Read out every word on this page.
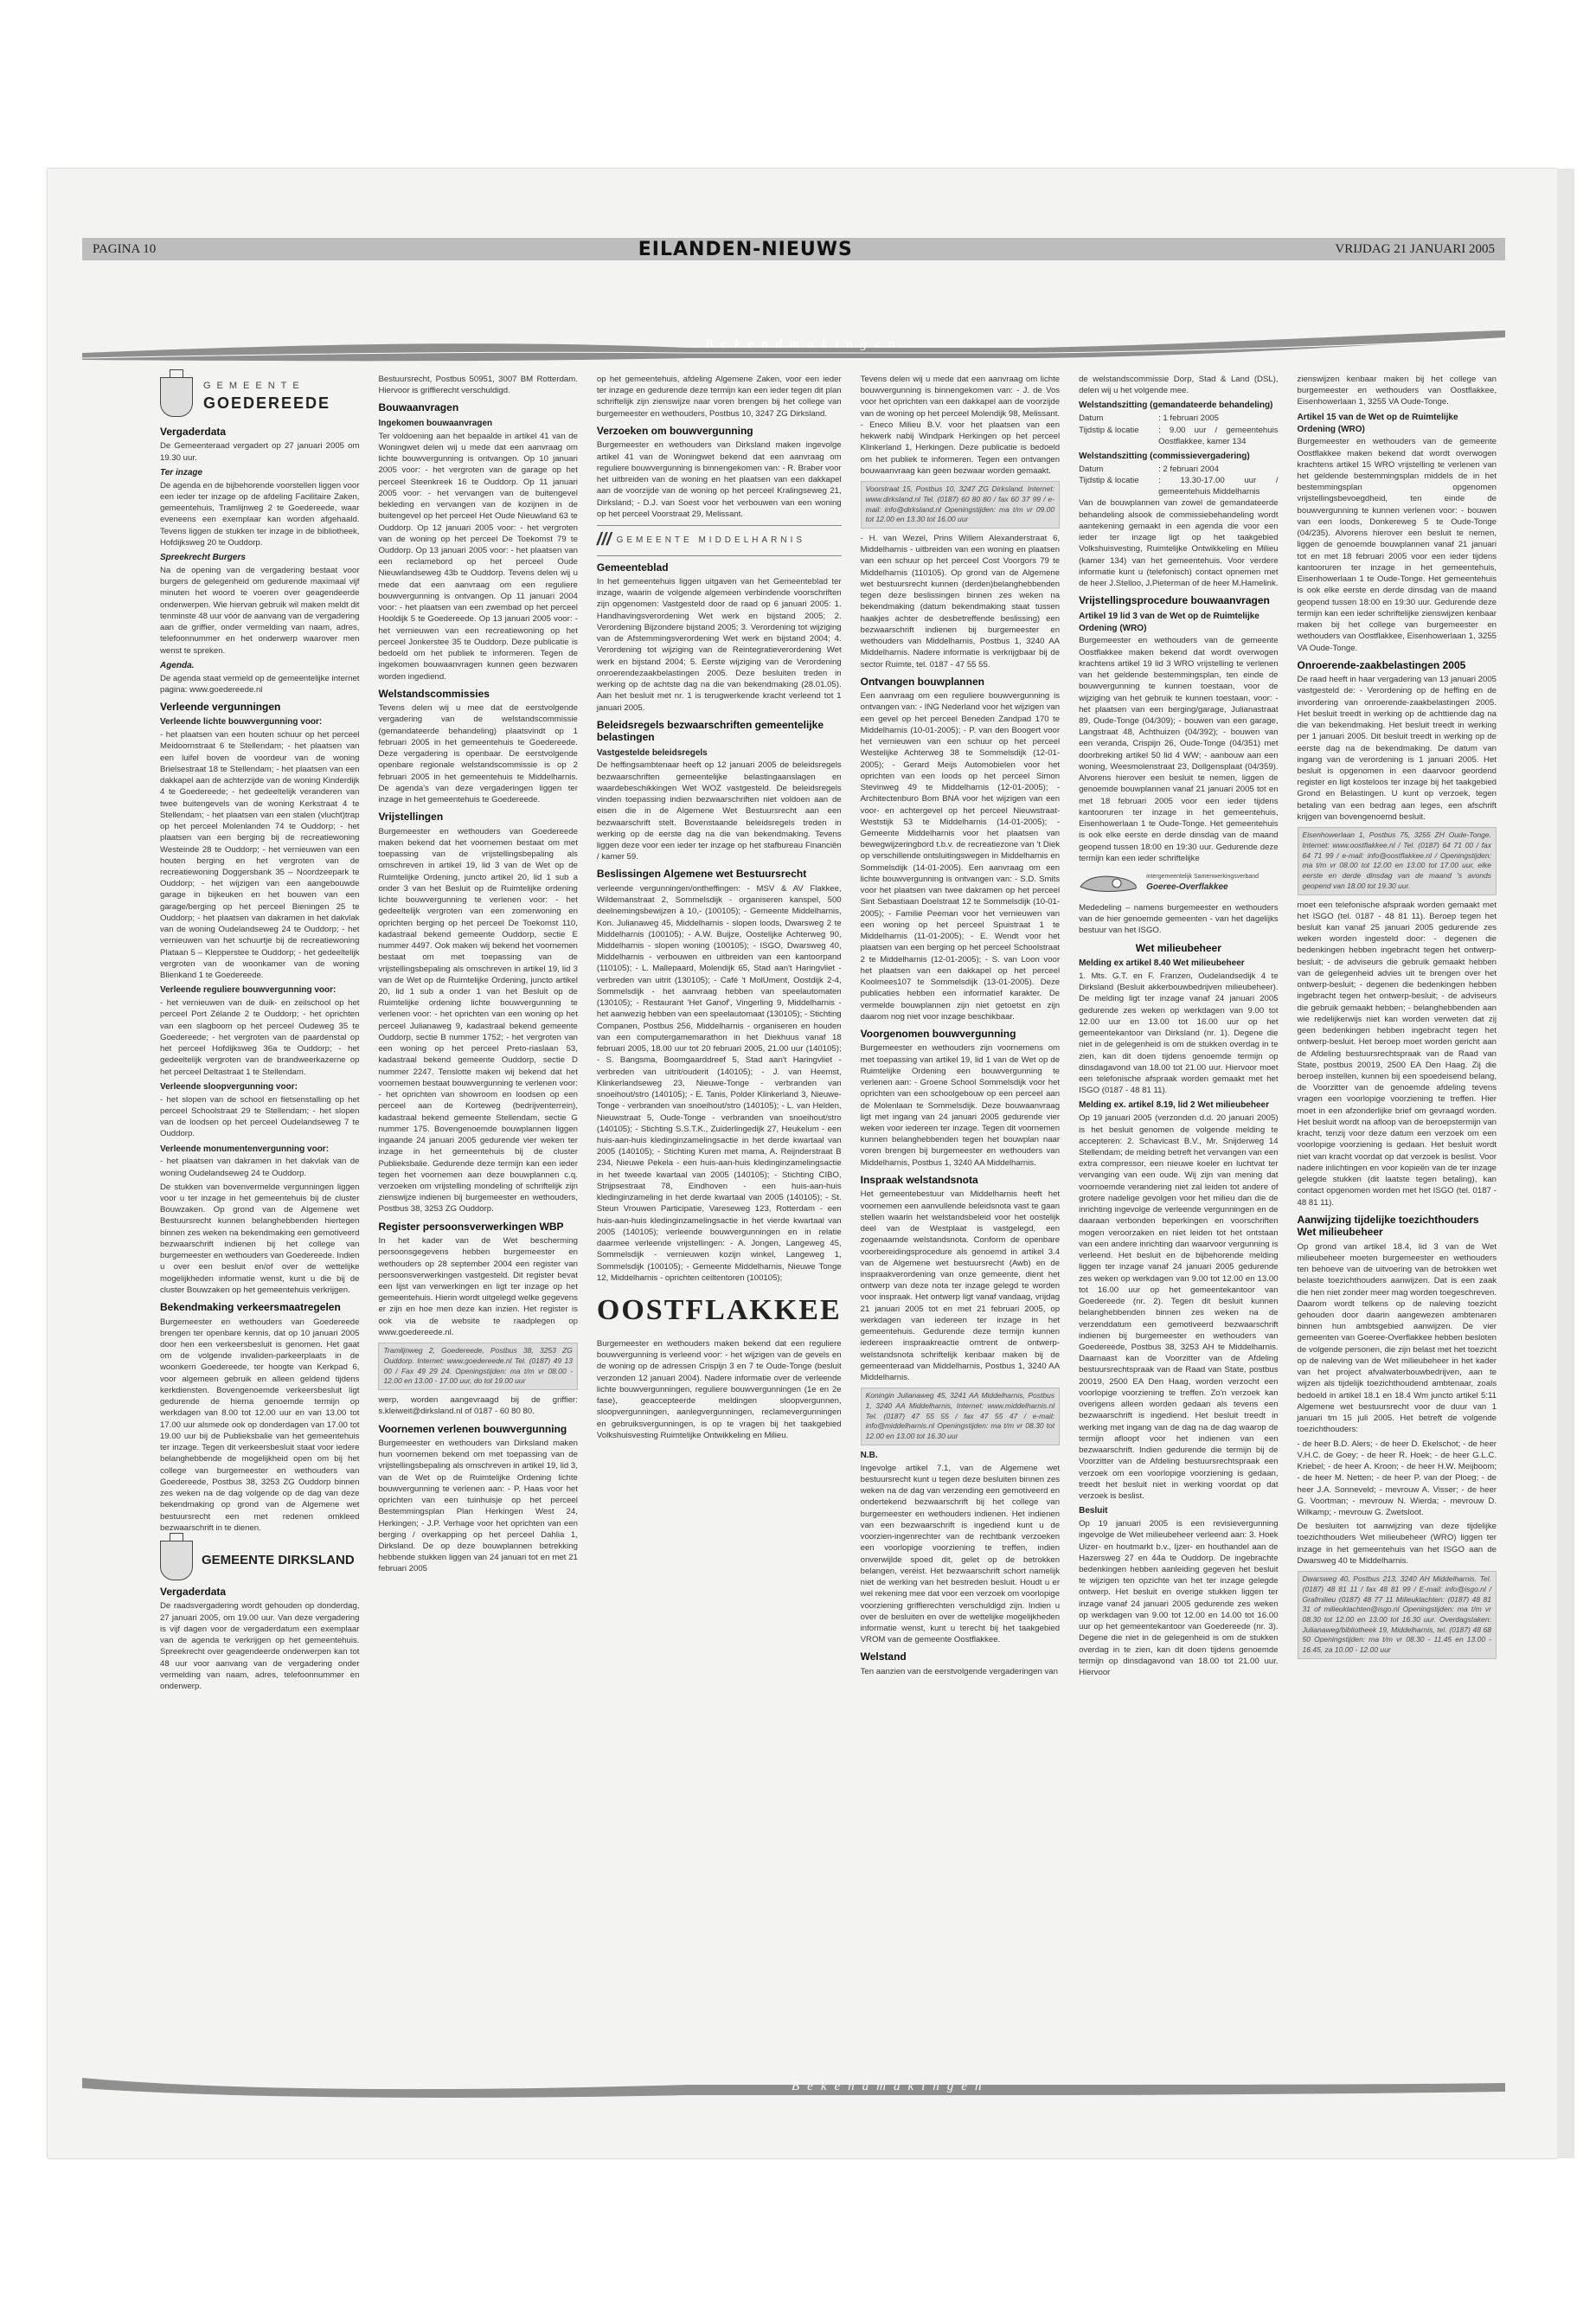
PAGINA 10	EILANDEN-NIEUWS	VRIJDAG 21 JANUARI 2005
Bekendmakingen
GEMEENTE
GOEDEREEDE
Vergaderdata

De Gemeenteraad vergadert op 27 januari 2005 om 19.30 uur.

Ter inzage

De agenda en de bijbehorende voorstellen liggen voor een ieder ter inzage op de afdeling Facilitaire Zaken, gemeentehuis, Tramlijnweg 2 te Goedereede, waar eveneens een exemplaar kan worden afgehaald. Tevens liggen de stukken ter inzage in de bibliotheek, Hofdijksweg 20 te Ouddorp.

Spreekrecht Burgers

Na de opening van de vergadering bestaat voor burgers de gelegenheid om gedurende maximaal vijf minuten het woord te voeren over geagendeerde onderwerpen. Wie hiervan gebruik wil maken meldt dit tenminste 48 uur vóór de aanvang van de vergadering aan de griffier, onder vermelding van naam, adres, telefoonnummer en het onderwerp waarover men wenst te spreken.

Agenda.

De agenda staat vermeld op de gemeentelijke internet pagina: www.goedereede.nl

Verleende vergunningen
Verleende lichte bouwvergunning voor:

- het plaatsen van een houten schuur op het perceel Meidoornstraat 6 te Stellendam; - het plaatsen van een luifel boven de voordeur van de woning Brielsestraat 18 te Stellendam; - het plaatsen van een dakkapel aan de achterzijde van de woning Kinderdijk 4 te Goedereede; - het gedeeltelijk veranderen van twee buitengevels van de woning Kerkstraat 4 te Stellendam; - het plaatsen van een stalen (vlucht)trap op het perceel Molenlanden 74 te Ouddorp; - het plaatsen van een berging bij de recreatiewoning Westeinde 28 te Ouddorp; - het vernieuwen van een houten berging en het vergroten van de recreatiewoning Doggersbank 35 – Noordzeepark te Ouddorp; - het wijzigen van een aangebouwde garage in bijkeuken en het bouwen van een garage/berging op het perceel Bieningen 25 te Ouddorp; - het plaatsen van dakramen in het dakvlak van de woning Oudelandseweg 24 te Ouddorp; - het vernieuwen van het schuurtje bij de recreatiewoning Plataan 5 – Klepperstee te Ouddorp; - het gedeeltelijk vergroten van de woonkamer van de woning Blienkand 1 te Goedereede.

Verleende reguliere bouwvergunning voor:

- het vernieuwen van de duik- en zeilschool op het perceel Port Zélande 2 te Ouddorp; - het oprichten van een slagboom op het perceel Oudeweg 35 te Goedereede; - het vergroten van de paardenstal op het perceel Hofdijksweg 36a te Ouddorp; - het gedeeltelijk vergroten van de brandweerkazerne op het perceel Deltastraat 1 te Stellendam.

Verleende sloopvergunning voor:

- het slopen van de school en fietsenstalling op het perceel Schoolstraat 29 te Stellendam; - het slopen van de loodsen op het perceel Oudelandseweg 7 te Ouddorp.

Verleende monumentenvergunning voor:

- het plaatsen van dakramen in het dakvlak van de woning Oudelandseweg 24 te Ouddorp.

De stukken van bovenvermelde vergunningen liggen voor u ter inzage in het gemeentehuis bij de cluster Bouwzaken. Op grond van de Algemene wet Bestuursrecht kunnen belanghebbenden hiertegen binnen zes weken na bekendmaking een gemotiveerd bezwaarschrift indienen bij het college van burgemeester en wethouders van Goedereede. Indien u over een besluit en/of over de wettelijke mogelijkheden informatie wenst, kunt u die bij de cluster Bouwzaken op het gemeentehuis verkrijgen.

Bekendmaking verkeersmaatregelen

Burgemeester en wethouders van Goedereede brengen ter openbare kennis, dat op 10 januari 2005 door hen een verkeersbesluit is genomen. Het gaat om de volgende invaliden-parkeerplaats in de woonkern Goedereede, ter hoogte van Kerkpad 6, voor algemeen gebruik en alleen geldend tijdens kerkdiensten. Bovengenoemde verkeersbesluit ligt gedurende de hierna genoemde termijn op werkdagen van 8.00 tot 12.00 uur en van 13.00 tot 17.00 uur alsmede ook op donderdagen van 17.00 tot 19.00 uur bij de Publieksbalie van het gemeentehuis ter inzage. Tegen dit verkeersbesluit staat voor iedere belanghebbende de mogelijkheid open om bij het college van burgemeester en wethouders van Goedereede, Postbus 38, 3253 ZG Ouddorp binnen zes weken na de dag volgende op de dag van deze bekendmaking op grond van de Algemene wet bestuursrecht een met redenen omkleed bezwaarschrift in te dienen.

GEMEENTE DIRKSLAND
Vergaderdata

De raadsvergadering wordt gehouden op donderdag, 27 januari 2005, om 19.00 uur. Van deze vergadering is vijf dagen voor de vergaderdatum een exemplaar van de agenda te verkrijgen op het gemeentehuis. Spreekrecht over geagendeerde onderwerpen kan tot 48 uur voor aanvang van de vergadering onder vermelding van naam, adres, telefoonnummer en onderwerp.

Bestuursrecht, Postbus 50951, 3007 BM Rotterdam. Hiervoor is griffierecht verschuldigd.

Bouwaanvragen
Ingekomen bouwaanvragen

Ter voldoening aan het bepaalde in artikel 41 van de Woningwet delen wij u mede dat een aanvraag om lichte bouwvergunning is ontvangen. Op 10 januari 2005 voor: - het vergroten van de garage op het perceel Steenkreek 16 te Ouddorp. Op 11 januari 2005 voor: - het vervangen van de buitengevel bekleding en vervangen van de kozijnen in de buitengevel op het perceel Het Oude Nieuwland 63 te Ouddorp. Op 12 januari 2005 voor: - het vergroten van de woning op het perceel De Toekomst 79 te Ouddorp. Op 13 januari 2005 voor: - het plaatsen van een reclamebord op het perceel Oude Nieuwlandseweg 43b te Ouddorp. Tevens delen wij u mede dat een aanvraag om een reguliere bouwvergunning is ontvangen. Op 11 januari 2004 voor: - het plaatsen van een zwembad op het perceel Hooldijk 5 te Goedereede. Op 13 januari 2005 voor: - het vernieuwen van een recreatiewoning op het perceel Jonkerstee 35 te Ouddorp. Deze publicatie is bedoeld om het publiek te informeren. Tegen de ingekomen bouwaanvragen kunnen geen bezwaren worden ingediend.

Welstandscommissies

Tevens delen wij u mee dat de eerstvolgende vergadering van de welstandscommissie (gemandateerde behandeling) plaatsvindt op 1 februari 2005 in het gemeentehuis te Goedereede. Deze vergadering is openbaar. De eerstvolgende openbare regionale welstandscommissie is op 2 februari 2005 in het gemeentehuis te Middelharnis. De agenda's van deze vergaderingen liggen ter inzage in het gemeentehuis te Goedereede.

Vrijstellingen

Burgemeester en wethouders van Goedereede maken bekend dat het voornemen bestaat om met toepassing van de vrijstellingsbepaling als omschreven in artikel 19, lid 3 van de Wet op de Ruimtelijke Ordening, juncto artikel 20, lid 1 sub a onder 3 van het Besluit op de Ruimtelijke ordening lichte bouwvergunning te verlenen voor: - het gedeeltelijk vergroten van een zomerwoning en oprichten berging op het perceel De Toekomst 110, kadastraal bekend gemeente Ouddorp, sectie E nummer 4497. Ook maken wij bekend het voornemen bestaat om met toepassing van de vrijstellingsbepaling als omschreven in artikel 19, lid 3 van de Wet op de Ruimtelijke Ordening, juncto artikel 20, lid 1 sub a onder 1 van het Besluit op de Ruimtelijke ordening lichte bouwvergunning te verlenen voor: - het oprichten van een woning op het perceel Julianaweg 9, kadastraal bekend gemeente Ouddorp, sectie B nummer 1752; - het vergroten van een woning op het perceel Preto-riaslaan 53, kadastraal bekend gemeente Ouddorp, sectie D nummer 2247. Tenslotte maken wij bekend dat het voornemen bestaat bouwvergunning te verlenen voor: - het oprichten van showroom en loodsen op een perceel aan de Korteweg (bedrijventerrein), kadastraal bekend gemeente Stellendam, sectie G nummer 175. Bovengenoemde bouwplannen liggen ingaande 24 januari 2005 gedurende vier weken ter inzage in het gemeentehuis bij de cluster Publieksbalie. Gedurende deze termijn kan een ieder tegen het voornemen aan deze bouwplannen c.q. verzoeken om vrijstelling mondeling of schriftelijk zijn zienswijze indienen bij burgemeester en wethouders, Postbus 38, 3253 ZG Ouddorp.

Register persoonsverwerkingen WBP

In het kader van de Wet bescherming persoonsgegevens hebben burgemeester en wethouders op 28 september 2004 een register van persoonsverwerkingen vastgesteld. Dit register bevat een lijst van verwerkingen en ligt ter inzage op het gemeentehuis. Hierin wordt uitgelegd welke gegevens er zijn en hoe men deze kan inzien. Het register is ook via de website te raadplegen op www.goedereede.nl.

Tramlijnweg 2, Goedereede, Postbus 38, 3253 ZG Ouddorp. Internet: www.goedereede.nl Tel. (0187) 49 13 00 / Fax 49 29 24. Openingstijden: ma t/m vr 08.00 - 12.00 en 13.00 - 17.00 uur, do tot 19.00 uur

werp, worden aangevraagd bij de griffier: s.kleiweit@dirksland.nl of 0187 - 60 80 80.

Voornemen verlenen bouwvergunning

Burgemeester en wethouders van Dirksland maken hun voornemen bekend om met toepassing van de vrijstellingsbepaling als omschreven in artikel 19, lid 3, van de Wet op de Ruimtelijke Ordening lichte bouwvergunning te verlenen aan: - P. Haas voor het oprichten van een tuinhuisje op het perceel Bestemmingsplan Plan Herkingen West 24, Herkingen; - J.P. Verhage voor het oprichten van een berging / overkapping op het perceel Dahlia 1, Dirksland. De op deze bouwplannen betrekking hebbende stukken liggen van 24 januari tot en met 21 februari 2005

op het gemeentehuis, afdeling Algemene Zaken, voor een ieder ter inzage en gedurende deze termijn kan een ieder tegen dit plan schriftelijk zijn zienswijze naar voren brengen bij het college van burgemeester en wethouders, Postbus 10, 3247 ZG Dirksland.

Verzoeken om bouwvergunning

Burgemeester en wethouders van Dirksland maken ingevolge artikel 41 van de Woningwet bekend dat een aanvraag om reguliere bouwvergunning is binnengekomen van: - R. Braber voor het uitbreiden van de woning en het plaatsen van een dakkapel aan de voorzijde van de woning op het perceel Kralingseweg 21, Dirksland; - D.J. van Soest voor het verbouwen van een woning op het perceel Voorstraat 29, Melissant.

/// GEMEENTE MIDDELHARNIS
Gemeenteblad

In het gemeentehuis liggen uitgaven van het Gemeenteblad ter inzage, waarin de volgende algemeen verbindende voorschriften zijn opgenomen: Vastgesteld door de raad op 6 januari 2005: 1. Handhavingsverordening Wet werk en bijstand 2005; 2. Verordening Bijzondere bijstand 2005; 3. Verordening tot wijziging van de Afstemmingsverordening Wet werk en bijstand 2004; 4. Verordening tot wijziging van de Reintegratieverordening Wet werk en bijstand 2004; 5. Eerste wijziging van de Verordening onroerendezaakbelastingen 2005. Deze besluiten treden in werking op de achtste dag na die van bekendmaking (28.01.05). Aan het besluit met nr. 1 is terugwerkende kracht verleend tot 1 januari 2005.

Beleidsregels bezwaarschriften gemeentelijke belastingen
Vastgestelde beleidsregels

De heffingsambtenaar heeft op 12 januari 2005 de beleidsregels bezwaarschriften gemeentelijke belastingaanslagen en waardebeschikkingen Wet WOZ vastgesteld. De beleidsregels vinden toepassing indien bezwaarschriften niet voldoen aan de eisen die in de Algemene Wet Bestuursrecht aan een bezwaarschrift stelt. Bovenstaande beleidsregels treden in werking op de eerste dag na die van bekendmaking. Tevens liggen deze voor een ieder ter inzage op het stafbureau Financiën / kamer 59.

Beslissingen Algemene wet Bestuursrecht

verleende vergunningen/ontheffingen: - MSV & AV Flakkee, Wildemanstraat 2, Sommelsdijk - organiseren kanspel, 500 deelnemingsbewijzen à 10,- (100105); - Gemeente Middelharnis, Kon. Julianaweg 45, Middelharnis - slopen loods, Dwarsweg 2 te Middelharnis (100105); - A.W. Buijze, Oostelijke Achterweg 90, Middelharnis - slopen woning (100105); - ISGO, Dwarsweg 40, Middelharnis - verbouwen en uitbreiden van een kantoorpand (110105); - L. Mallepaard, Molendijk 65, Stad aan't Haringvliet - verbreden van uitrit (130105); - Café 't MolUment, Oostdijk 2-4, Sommelsdijk - het aanvraag hebben van speelautomaten (130105); - Restaurant 'Het Ganof', Vingerling 9, Middelharnis - het aanwezig hebben van een speelautomaat (130105); - Stichting Companen, Postbus 256, Middelharnis - organiseren en houden van een computergamemarathon in het Diekhuus vanaf 18 februari 2005, 18.00 uur tot 20 februari 2005, 21.00 uur (140105); - S. Bangsma, Boomgaarddreef 5, Stad aan't Haringvliet - verbreden van uitrit/ouderit (140105); - J. van Heemst, Klinkerlandseweg 23, Nieuwe-Tonge - verbranden van snoeihout/stro (140105); - E. Tanis, Polder Klinkerland 3, Nieuwe-Tonge - verbranden van snoeihout/stro (140105); - L. van Helden, Nieuwstraat 5, Oude-Tonge - verbranden van snoeihout/stro (140105); - Stichting S.S.T.K., Zuiderlingedijk 27, Heukelum - een huis-aan-huis kledinginzamelingsactie in het derde kwartaal van 2005 (140105); - Stichting Kuren met mama, A. Reijnderstraat B 234, Nieuwe Pekela - een huis-aan-huis kledinginzamelingsactie in het tweede kwartaal van 2005 (140105); - Stichting CIBO, Strijpsestraat 78, Eindhoven - een huis-aan-huis kledinginzameling in het derde kwartaal van 2005 (140105); - St. Steun Vrouwen Participatie, Vareseweg 123, Rotterdam - een huis-aan-huis kledinginzamelingsactie in het vierde kwartaal van 2005 (140105); verleende bouwvergunningen en in relatie daarmee verleende vrijstellingen: - A. Jongen, Langeweg 45, Sommelsdijk - vernieuwen kozijn winkel, Langeweg 1, Sommelsdijk (100105); - Gemeente Middelharnis, Nieuwe Tonge 12, Middelharnis - oprichten ceiltentoren (100105);

OOSTFLAKKEE

Burgemeester en wethouders maken bekend dat een reguliere bouwvergunning is verleend voor: - het wijzigen van de gevels en de woning op de adressen Crispijn 3 en 7 te Oude-Tonge (besluit verzonden 12 januari 2004). Nadere informatie over de verleende lichte bouwvergunningen, reguliere bouwvergunningen (1e en 2e fase), geaccepteerde meldingen sloopvergunnen, sloopvergunningen, aanlegvergunningen, reclamevergunningen en gebruiksvergunningen, is op te vragen bij het taakgebied Volkshuisvesting Ruimtelijke Ontwikkeling en Milieu.

Tevens delen wij u mede dat een aanvraag om lichte bouwvergunning is binnengekomen van: - J. de Vos voor het oprichten van een dakkapel aan de voorzijde van de woning op het perceel Molendijk 98, Melissant. - Eneco Milieu B.V. voor het plaatsen van een hekwerk nabij Windpark Herkingen op het perceel Klinkerland 1, Herkingen. Deze publicatie is bedoeld om het publiek te informeren. Tegen een ontvangen bouwaanvraag kan geen bezwaar worden gemaakt.

Voorstraat 15, Postbus 10, 3247 ZG Dirksland. Internet: www.dirksland.nl Tel. (0187) 60 80 80 / fax 60 37 99 / e-mail: info@dirksland.nl Openingstijden: ma t/m vr 09.00 tot 12.00 en 13.30 tot 16.00 uur

- H. van Wezel, Prins Willem Alexanderstraat 6, Middelharnis - uitbreiden van een woning en plaatsen van een schuur op het perceel Cost Voorgors 79 te Middelharnis (110105). Op grond van de Algemene wet bestuursrecht kunnen (derden)belanghebbenden tegen deze beslissingen binnen zes weken na bekendmaking (datum bekendmaking staat tussen haakjes achter de desbetreffende beslissing) een bezwaarschrift indienen bij burgemeester en wethouders van Middelharnis, Postbus 1, 3240 AA Middelharnis. Nadere informatie is verkrijgbaar bij de sector Ruimte, tel. 0187 - 47 55 55.

Ontvangen bouwplannen

Een aanvraag om een reguliere bouwvergunning is ontvangen van: - ING Nederland voor het wijzigen van een gevel op het perceel Beneden Zandpad 170 te Middelharnis (10-01-2005); - P. van den Boogert voor het vernieuwen van een schuur op het perceel Westelijke Achterweg 38 te Sommelsdijk (12-01-2005); - Gerard Meijs Automobielen voor het oprichten van een loods op het perceel Simon Stevinweg 49 te Middelharnis (12-01-2005); - Architectenburo Bom BNA voor het wijzigen van een voor- en achtergevel op het perceel Nieuwstraat-Weststijk 53 te Middelharnis (14-01-2005); - Gemeente Middelharnis voor het plaatsen van bewegwijzeringbord t.b.v. de recreatiezone van 't Diek op verschillende ontsluitingswegen in Middelharnis en Sommelsdijk (14-01-2005). Een aanvraag om een lichte bouwvergunning is ontvangen van: - S.D. Smits voor het plaatsen van twee dakramen op het perceel Sint Sebastiaan Doelstraat 12 te Sommelsdijk (10-01-2005); - Familie Peeman voor het vernieuwen van een woning op het perceel Spuistraat 1 te Middelharnis (11-01-2005); - E. Wendt voor het plaatsen van een berging op het perceel Schoolstraat 2 te Middelharnis (12-01-2005); - S. van Loon voor het plaatsen van een dakkapel op het perceel Koolmees107 te Sommelsdijk (13-01-2005). Deze publicaties hebben een informatief karakter. De vermelde bouwplannen zijn niet getoetst en zijn daarom nog niet voor inzage beschikbaar.

Voorgenomen bouwvergunning

Burgemeester en wethouders zijn voornemens om met toepassing van artikel 19, lid 1 van de Wet op de Ruimtelijke Ordening een bouwvergunning te verlenen aan: - Groene School Sommelsdijk voor het oprichten van een schoolgebouw op een perceel aan de Molenlaan te Sommelsdijk. Deze bouwaanvraag ligt met ingang van 24 januari 2005 gedurende vier weken voor iedereen ter inzage. Tegen dit voornemen kunnen belanghebbenden tegen het bouwplan naar voren brengen bij burgemeester en wethouders van Middelharnis, Postbus 1, 3240 AA Middelharnis.

Inspraak welstandsnota

Het gemeentebestuur van Middelharnis heeft het voornemen een aanvullende beleidsnota vast te gaan stellen waarin het welstandsbeleid voor het oostelijk deel van de Westplaat is vastgelegd, een zogenaamde welstandsnota. Conform de openbare voorbereidingsprocedure als genoemd in artikel 3.4 van de Algemene wet bestuursrecht (Awb) en de inspraakverordening van onze gemeente, dient het ontwerp van deze nota ter inzage gelegd te worden voor inspraak. Het ontwerp ligt vanaf vandaag, vrijdag 21 januari 2005 tot en met 21 februari 2005, op werkdagen van iedereen ter inzage in het gemeentehuis. Gedurende deze termijn kunnen iedereen inspraakreactie omtrent de ontwerp-welstandsnota schriftelijk kenbaar maken bij de gemeenteraad van Middelharnis, Postbus 1, 3240 AA Middelharnis.

Koningin Julianaweg 45, 3241 AA Middelharnis, Postbus 1, 3240 AA Middelharnis, Internet: www.middelharnis.nl Tel. (0187) 47 55 55 / fax 47 55 47 / e-mail: info@middelharnis.nl Openingstijden: ma t/m vr 08.30 tot 12.00 en 13.00 tot 16.30 uur
N.B.

Ingevolge artikel 7.1, van de Algemene wet bestuursrecht kunt u tegen deze besluiten binnen zes weken na de dag van verzending een gemotiveerd en ondertekend bezwaarschrift bij het college van burgemeester en wethouders indienen. Het indienen van een bezwaarschrift is ingediend kunt u de voorzien-ingenrechter van de rechtbank verzoeken een voorlopige voorziening te treffen, indien onverwijlde spoed dit, gelet op de betrokken belangen, vereist. Het bezwaarschrift schort namelijk niet de werking van het bestreden besluit. Houdt u er wel rekening mee dat voor een verzoek om voorlopige voorziening griffierechten verschuldigd zijn. Indien u over de besluiten en over de wettelijke mogelijkheden informatie wenst, kunt u terecht bij het taakgebied VROM van de gemeente Oostflakkee.

Welstand

Ten aanzien van de eerstvolgende vergaderingen van

de welstandscommissie Dorp, Stad & Land (DSL), delen wij u het volgende mee.

Welstandszitting (gemandateerde behandeling)
Datum	: 1 februari 2005
Tijdstip & locatie	: 9.00 uur / gemeentehuis Oostflakkee, kamer 134
Welstandszitting (commissievergadering)
Datum	: 2 februari 2004
Tijdstip & locatie	: 13.30-17.00 uur / gemeentehuis Middelharnis

Van de bouwplannen van zowel de gemandateerde behandeling alsook de commissiebehandeling wordt aantekening gemaakt in een agenda die voor een ieder ter inzage ligt op het taakgebied Volkshuisvesting, Ruimtelijke Ontwikkeling en Milieu (kamer 134) van het gemeentehuis. Voor verdere informatie kunt u (telefonisch) contact opnemen met de heer J.Stelloo, J.Pieterman of de heer M.Hamelink.

Vrijstellingsprocedure bouwaanvragen
Artikel 19 lid 3 van de Wet op de Ruimtelijke Ordening (WRO)

Burgemeester en wethouders van de gemeente Oostflakkee maken bekend dat wordt overwogen krachtens artikel 19 lid 3 WRO vrijstelling te verlenen van het geldende bestemmingsplan, ten einde de bouwvergunning te kunnen toestaan, voor de wijziging van het gebruik te kunnen toestaan, voor: - het plaatsen van een berging/garage, Julianastraat 89, Oude-Tonge (04/309); - bouwen van een garage, Langstraat 48, Achthuizen (04/392); - bouwen van een veranda, Crispijn 26, Oude-Tonge (04/351) met doorbreking artikel 50 lid 4 WW; - aanbouw aan een woning, Weesmolenstraat 23, Dollgensplaat (04/359). Alvorens hierover een besluit te nemen, liggen de genoemde bouwplannen vanaf 21 januari 2005 tot en met 18 februari 2005 voor een ieder tijdens kantooruren ter inzage in het gemeentehuis, Eisenhowerlaan 1 te Oude-Tonge. Het gemeentehuis is ook elke eerste en derde dinsdag van de maand geopend tussen 18:00 en 19:30 uur. Gedurende deze termijn kan een ieder schriftelijke

intergemeentelijk Samenwerkingsverband
Goeree-Overflakkee

Mededeling – namens burgemeester en wethouders van de hier genoemde gemeenten - van het dagelijks bestuur van het ISGO.

Wet milieubeheer
Melding ex artikel 8.40 Wet milieubeheer

1. Mts. G.T. en F. Franzen, Oudelandsedijk 4 te Dirksland (Besluit akkerbouwbedrijven milieubeheer). De melding ligt ter inzage vanaf 24 januari 2005 gedurende zes weken op werkdagen van 9.00 tot 12.00 uur en 13.00 tot 16.00 uur op het gemeentekantoor van Dirksland (nr. 1). Degene die niet in de gelegenheid is om de stukken overdag in te zien, kan dit doen tijdens genoemde termijn op dinsdagavond van 18.00 tot 21.00 uur. Hiervoor moet een telefonische afspraak worden gemaakt met het ISGO (0187 - 48 81 11).

Melding ex. artikel 8.19, lid 2 Wet milieubeheer

Op 19 januari 2005 (verzonden d.d. 20 januari 2005) is het besluit genomen de volgende melding te accepteren: 2. Schavicast B.V., Mr. Snijderweg 14 Stellendam; de melding betreft het vervangen van een extra compressor, een nieuwe koeler en luchtvat ter vervanging van een oude. Wij zijn van mening dat voornoemde verandering niet zal leiden tot andere of grotere nadelige gevolgen voor het milieu dan die de inrichting ingevolge de verleende vergunningen en de daaraan verbonden beperkingen en voorschriften mogen veroorzaken en niet leiden tot het ontstaan van een andere inrichting dan waarvoor vergunning is verleend. Het besluit en de bijbehorende melding liggen ter inzage vanaf 24 januari 2005 gedurende zes weken op werkdagen van 9.00 tot 12.00 en 13.00 tot 16.00 uur op het gemeentekantoor van Goedereede (nr. 2). Tegen dit besluit kunnen belanghebbenden binnen zes weken na de verzenddatum een gemotiveerd bezwaarschrift indienen bij burgemeester en wethouders van Goedereede, Postbus 38, 3253 AH te Middelharnis. Daarnaast kan de Voorzitter van de Afdeling bestuursrechtspraak van de Raad van State, postbus 20019, 2500 EA Den Haag, worden verzocht een voorlopige voorziening te treffen. Zo'n verzoek kan overigens alleen worden gedaan als tevens een bezwaarschrift is ingediend. Het besluit treedt in werking met ingang van de dag na de dag waarop de termijn afloopt voor het indienen van een bezwaarschrift. Indien gedurende die termijn bij de Voorzitter van de Afdeling bestuursrechtspraak een verzoek om een voorlopige voorziening is gedaan, treedt het besluit niet in werking voordat op dat verzoek is beslist.

Besluit

Op 19 januari 2005 is een revisievergunning ingevolge de Wet milieubeheer verleend aan: 3. Hoek Uizer- en houtmarkt b.v., Ijzer- en houthandel aan de Hazersweg 27 en 44a te Ouddorp. De ingebrachte bedenkingen hebben aanleiding gegeven het besluit te wijzigen ten opzichte van het ter inzage gelegde ontwerp. Het besluit en overige stukken liggen ter inzage vanaf 24 januari 2005 gedurende zes weken op werkdagen van 9.00 tot 12.00 en 14.00 tot 16.00 uur op het gemeentekantoor van Goedereede (nr. 3). Degene die niet in de gelegenheid is om de stukken overdag in te zien, kan dit doen tijdens genoemde termijn op dinsdagavond van 18.00 tot 21.00 uur. Hiervoor

zienswijzen kenbaar maken bij het college van burgemeester en wethouders van Oostflakkee, Eisenhowerlaan 1, 3255 VA Oude-Tonge.

Artikel 15 van de Wet op de Ruimtelijke Ordening (WRO)

Burgemeester en wethouders van de gemeente Oostflakkee maken bekend dat wordt overwogen krachtens artikel 15 WRO vrijstelling te verlenen van het geldende bestemmingsplan middels de in het bestemmingsplan opgenomen vrijstellingsbevoegdheid, ten einde de bouwvergunning te kunnen verlenen voor: - bouwen van een loods, Donkereweg 5 te Oude-Tonge (04/235). Alvorens hierover een besluit te nemen, liggen de genoemde bouwplannen vanaf 21 januari tot en met 18 februari 2005 voor een ieder tijdens kantooruren ter inzage in het gemeentehuis, Eisenhowerlaan 1 te Oude-Tonge. Het gemeentehuis is ook elke eerste en derde dinsdag van de maand geopend tussen 18:00 en 19:30 uur. Gedurende deze termijn kan een ieder schriftelijke zienswijzen kenbaar maken bij het college van burgemeester en wethouders van Oostflakkee, Eisenhowerlaan 1, 3255 VA Oude-Tonge.

Onroerende-zaakbelastingen 2005

De raad heeft in haar vergadering van 13 januari 2005 vastgesteld de: - Verordening op de heffing en de invordering van onroerende-zaakbelastingen 2005. Het besluit treedt in werking op de achttiende dag na die van bekendmaking. Het besluit treedt in werking per 1 januari 2005. Dit besluit treedt in werking op de eerste dag na de bekendmaking. De datum van ingang van de verordening is 1 januari 2005. Het besluit is opgenomen in een daarvoor geordend register en ligt kosteloos ter inzage bij het taakgebied Grond en Belastingen. U kunt op verzoek, tegen betaling van een bedrag aan leges, een afschrift krijgen van bovengenoemd besluit.

Eisenhowerlaan 1, Postbus 75, 3255 ZH Oude-Tonge. Internet: www.oostflakkee.nl / Tel. (0187) 64 71 00 / fax 64 71 99 / e-mail: info@oostflakkee.nl / Openingstijden: ma t/m vr 08.00 tot 12.00 en 13.00 tot 17.00 uur, elke eerste en derde dinsdag van de maand 's avonds geopend van 18.00 tot 19.30 uur.

moet een telefonische afspraak worden gemaakt met het ISGO (tel. 0187 - 48 81 11). Beroep tegen het besluit kan vanaf 25 januari 2005 gedurende zes weken worden ingesteld door: - degenen die bedenkingen hebben ingebracht tegen het ontwerp-besluit; - de adviseurs die gebruik gemaakt hebben van de gelegenheid advies uit te brengen over het ontwerp-besluit; - degenen die bedenkingen hebben ingebracht tegen het ontwerp-besluit; - de adviseurs die gebruik gemaakt hebben; - belanghebbenden aan wie redelijkerwijs niet kan worden verweten dat zij geen bedenkingen hebben ingebracht tegen het ontwerp-besluit. Het beroep moet worden gericht aan de Afdeling bestuursrechtspraak van de Raad van State, postbus 20019, 2500 EA Den Haag. Zij die beroep instellen, kunnen bij een spoedeisend belang, de Voorzitter van de genoemde afdeling tevens vragen een voorlopige voorziening te treffen. Hier moet in een afzonderlijke brief om gevraagd worden. Het besluit wordt na afloop van de beroepstermijn van kracht, tenzij voor deze datum een verzoek om een voorlopige voorziening is gedaan. Het besluit wordt niet van kracht voordat op dat verzoek is beslist. Voor nadere inlichtingen en voor kopieën van de ter inzage gelegde stukken (dit laatste tegen betaling), kan contact opgenomen worden met het ISGO (tel. 0187 - 48 81 11).

Aanwijzing tijdelijke toezichthouders Wet milieubeheer

Op grond van artikel 18.4, lid 3 van de Wet milieubeheer moeten burgemeester en wethouders ten behoeve van de uitvoering van de betrokken wet belaste toezichthouders aanwijzen. Dat is een zaak die hen niet zonder meer mag worden toegeschreven. Daarom wordt telkens op de naleving toezicht gehouden door daarin aangewezen ambtenaren binnen hun ambtsgebied aanwijzen. De vier gemeenten van Goeree-Overflakkee hebben besloten de volgende personen, die zijn belast met het toezicht op de naleving van de Wet milieubeheer in het kader van het project afvalwaterbouwbedrijven, aan te wijzen als tijdelijk toezichthoudend ambtenaar, zoals bedoeld in artikel 18.1 en 18.4 Wm juncto artikel 5:11 Algemene wet bestuursrecht voor de duur van 1 januari tm 15 juli 2005. Het betreft de volgende toezichthouders:

- de heer B.D. Alers; - de heer D. Ekelschot; - de heer V.H.C. de Goey; - de heer R. Hoek; - de heer G.L.C. Kriebel; - de heer A. Kroon; - de heer H.W. Meijboom; - de heer M. Netten; - de heer P. van der Ploeg; - de heer J.A. Sonneveld; - mevrouw A. Visser; - de heer G. Voortman; - mevrouw N. Wierda; - mevrouw D. Wilkamp; - mevrouw G. Zwetsloot.

De besluiten tot aanwijzing van deze tijdelijke toezichthouders Wet milieubeheer (WRO) liggen ter inzage in het gemeentehuis van het ISGO aan de Dwarsweg 40 te Middelharnis.

Dwarsweg 40, Postbus 213, 3240 AH Middelharnis. Tel. (0187) 48 81 11 / fax 48 81 99 / E-mail: info@isgo.nl / Grafmilieu (0187) 48 77 11 Milieuklachten: (0187) 48 81 31 of milieuklachten@isgo.nl Openingstijden: ma t/m vr 08.30 tot 12.00 en 13.00 tot 16.30 uur. Overdagstaken: Julianaweg/bibliotheek 19, Middelharnis, tel. (0187) 48 68 50 Openingstijden: ma t/m vr 08.30 - 11.45 en 13.00 - 16.45, za 10.00 - 12.00 uur
Bekendmakingen
